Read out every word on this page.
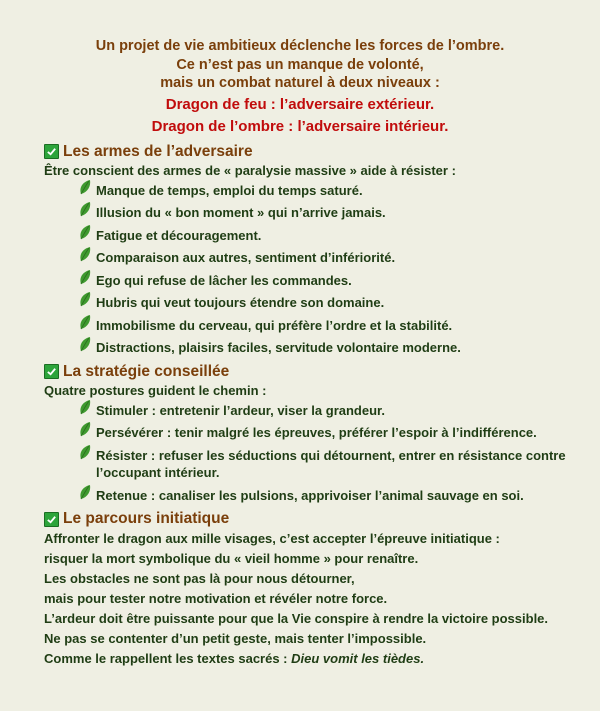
Un projet de vie ambitieux déclenche les forces de l’ombre.
Ce n’est pas un manque de volonté,
mais un combat naturel à deux niveaux :
Dragon de feu : l’adversaire extérieur.
Dragon de l’ombre : l’adversaire intérieur.
Les armes de l’adversaire
Être conscient des armes de « paralysie massive » aide à résister :
Manque de temps, emploi du temps saturé.
Illusion du « bon moment » qui n’arrive jamais.
Fatigue et découragement.
Comparaison aux autres, sentiment d’infériorité.
Ego qui refuse de lâcher les commandes.
Hubris qui veut toujours étendre son domaine.
Immobilisme du cerveau, qui préfère l’ordre et la stabilité.
Distractions, plaisirs faciles, servitude volontaire moderne.
La stratégie conseillée
Quatre postures guident le chemin :
Stimuler : entretenir l’ardeur, viser la grandeur.
Persévérer : tenir malgré les épreuves, préférer l’espoir à l’indifférence.
Résister : refuser les séductions qui détournent, entrer en résistance contre l’occupant intérieur.
Retenue : canaliser les pulsions, apprivoiser l’animal sauvage en soi.
Le parcours initiatique
Affronter le dragon aux mille visages, c’est accepter l’épreuve initiatique :
risquer la mort symbolique du « vieil homme » pour renaître.
Les obstacles ne sont pas là pour nous détourner,
mais pour tester notre motivation et révéler notre force.
L’ardeur doit être puissante pour que la Vie conspire à rendre la victoire possible.
Ne pas se contenter d’un petit geste, mais tenter l’impossible.
Comme le rappellent les textes sacrés : Dieu vomit les tièdes.
